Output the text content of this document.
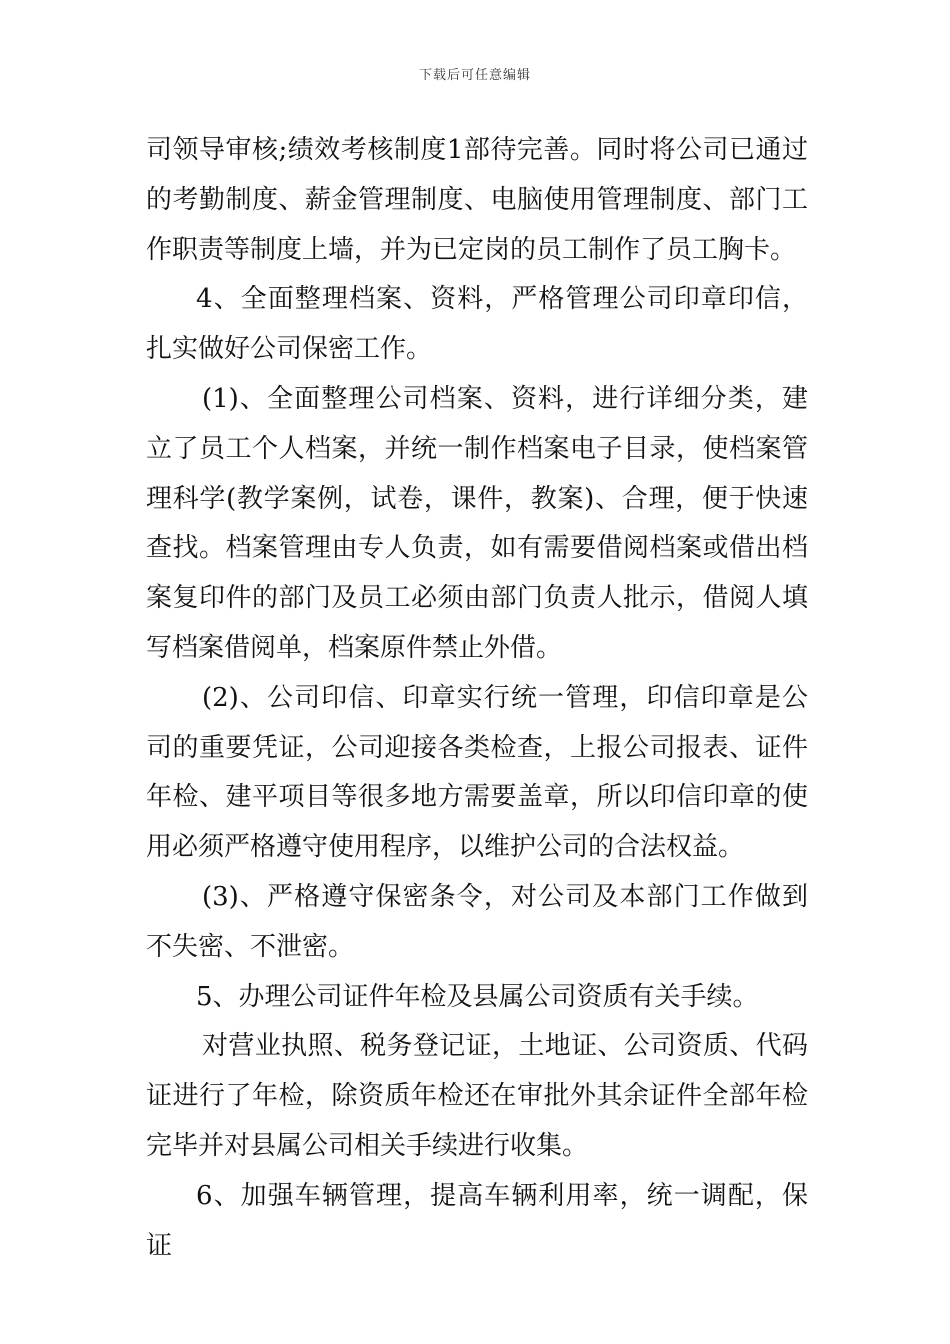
下载后可任意编辑

司领导审核;绩效考核制度1部待完善。同时将公司已通过的考勤制度、薪金管理制度、电脑使用管理制度、部门工作职责等制度上墙，并为已定岗的员工制作了员工胸卡。

4、全面整理档案、资料，严格管理公司印章印信，扎实做好公司保密工作。

(1)、全面整理公司档案、资料，进行详细分类，建立了员工个人档案，并统一制作档案电子目录，使档案管理科学(教学案例，试卷，课件，教案)、合理，便于快速查找。档案管理由专人负责，如有需要借阅档案或借出档案复印件的部门及员工必须由部门负责人批示，借阅人填写档案借阅单，档案原件禁止外借。

(2)、公司印信、印章实行统一管理，印信印章是公司的重要凭证，公司迎接各类检查，上报公司报表、证件年检、建平项目等很多地方需要盖章，所以印信印章的使用必须严格遵守使用程序，以维护公司的合法权益。

(3)、严格遵守保密条令，对公司及本部门工作做到不失密、不泄密。

5、办理公司证件年检及县属公司资质有关手续。

对营业执照、税务登记证，土地证、公司资质、代码证进行了年检，除资质年检还在审批外其余证件全部年检完毕并对县属公司相关手续进行收集。

6、加强车辆管理，提高车辆利用率，统一调配，保证
